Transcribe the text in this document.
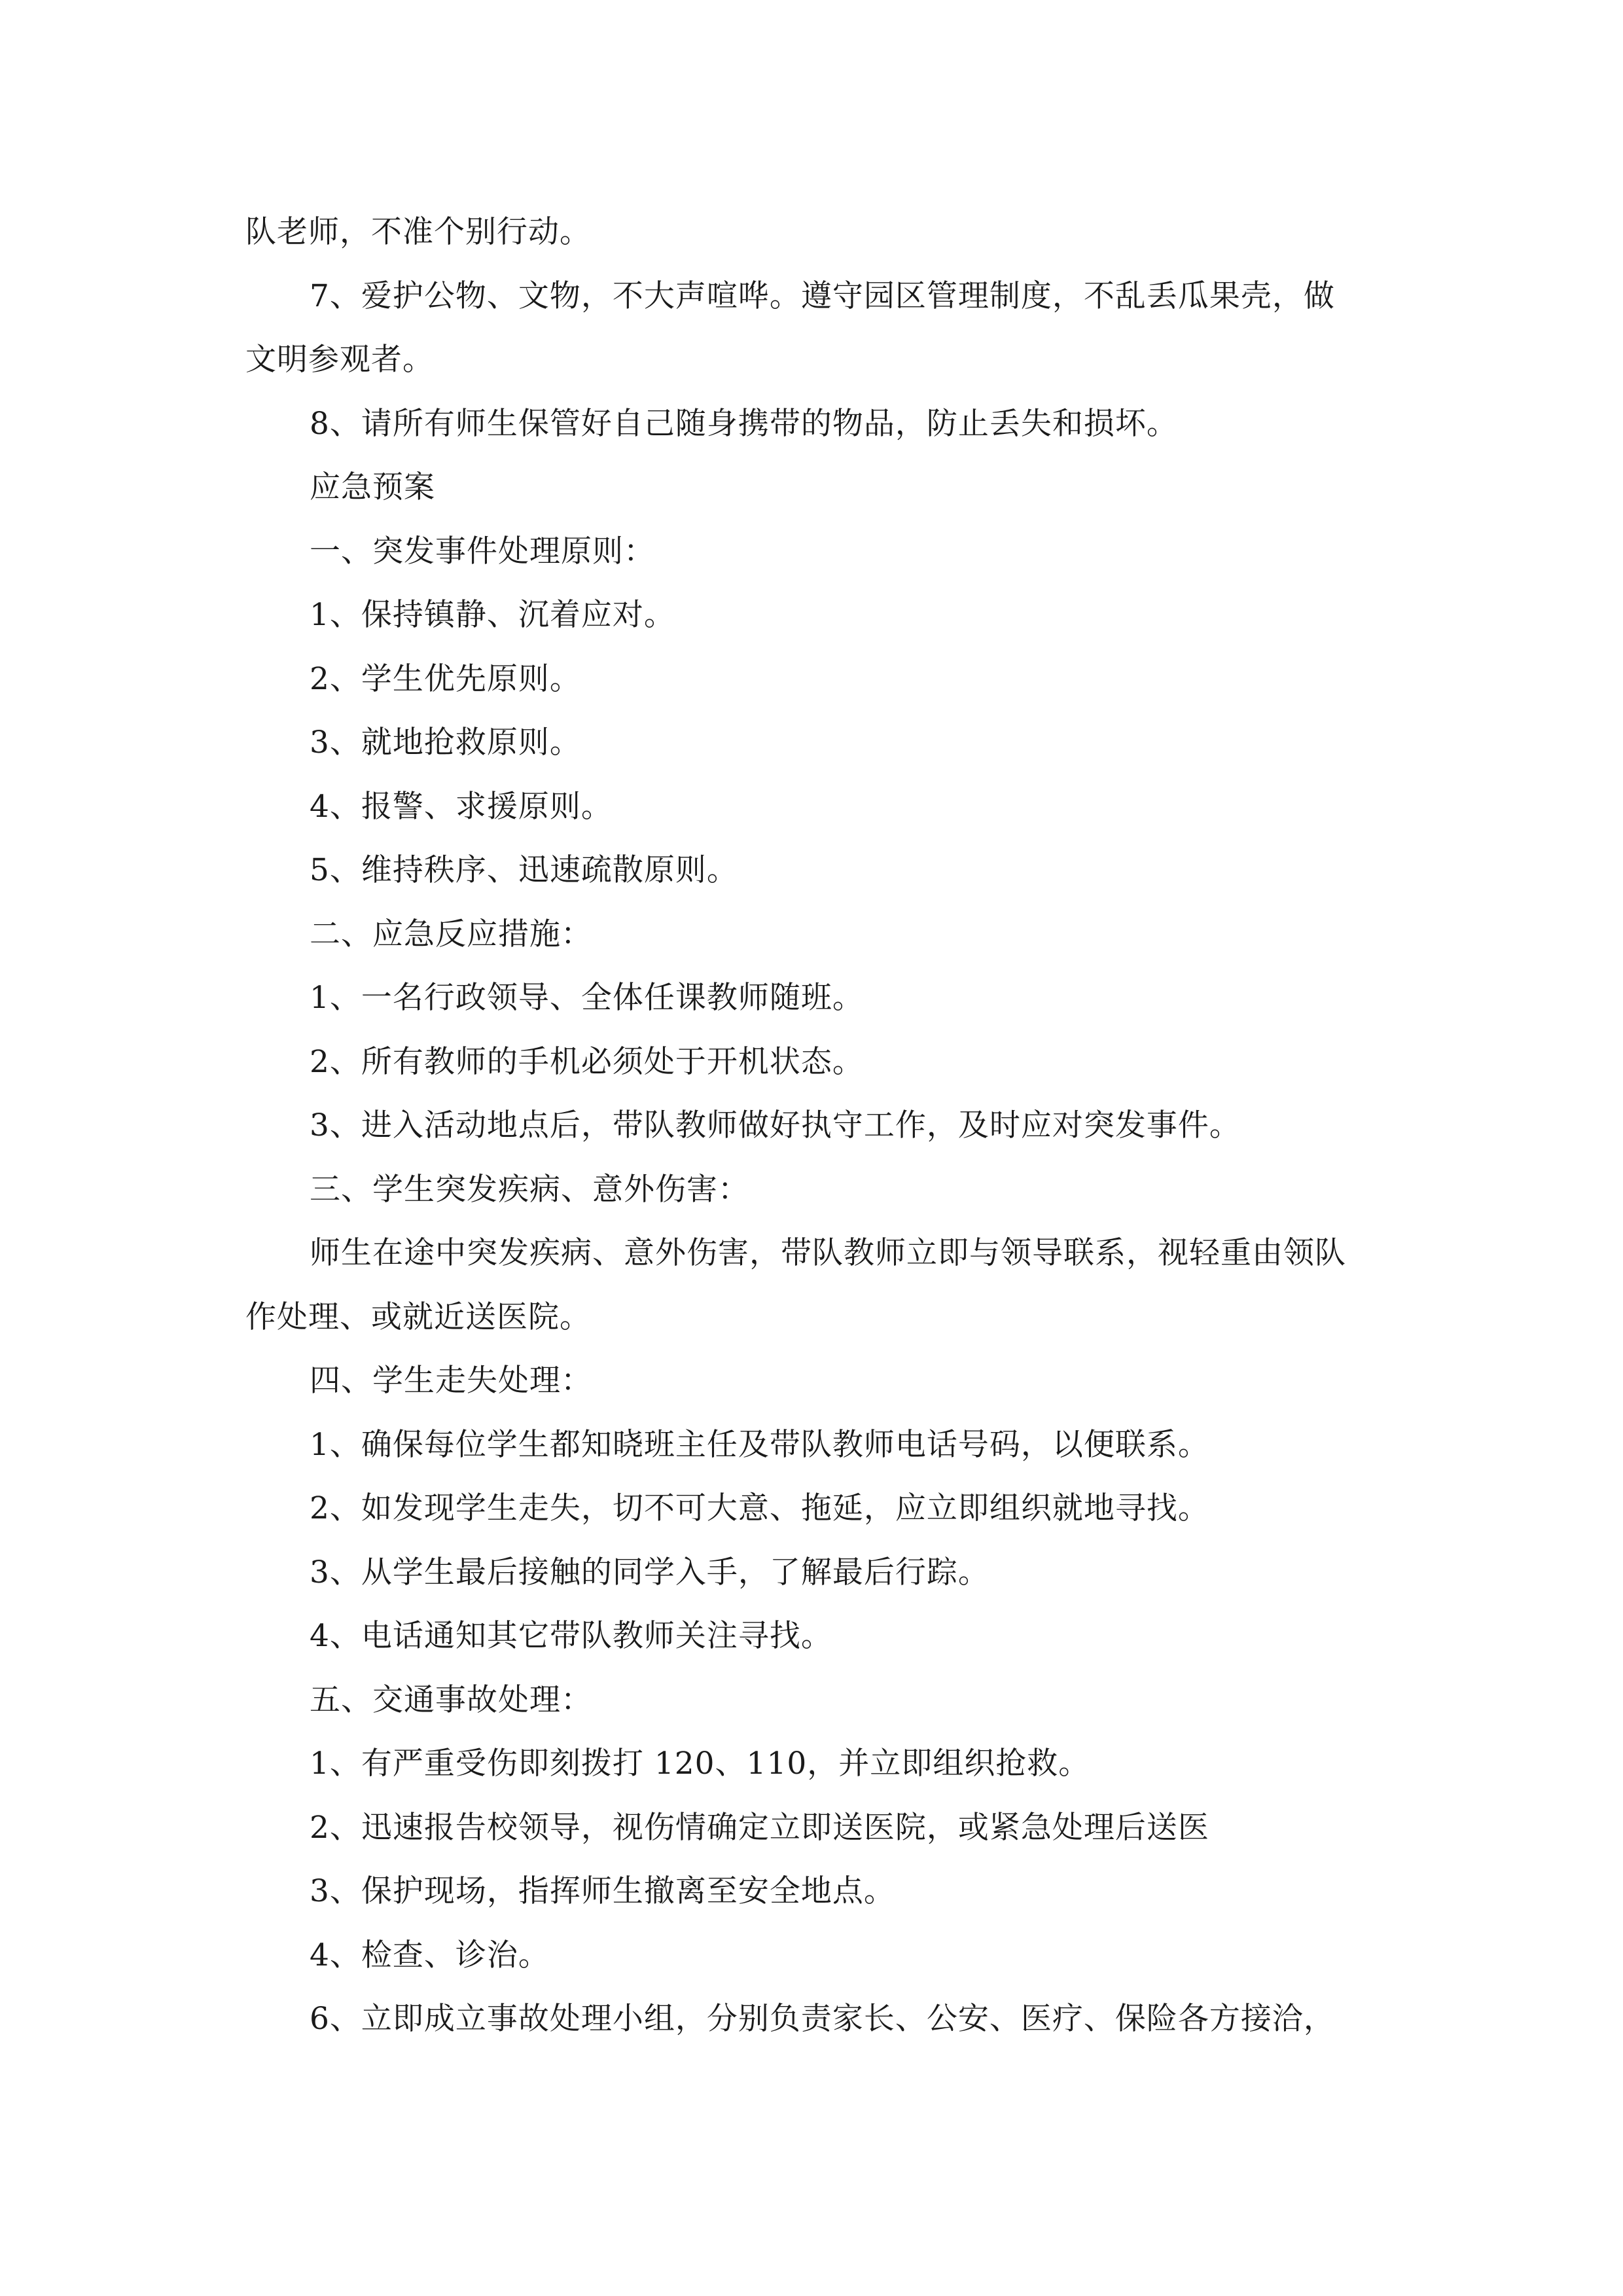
队老师，不准个别行动。

7、爱护公物、文物，不大声喧哗。遵守园区管理制度，不乱丢瓜果壳，做

文明参观者。

8、请所有师生保管好自己随身携带的物品，防止丢失和损坏。

应急预案

一、突发事件处理原则：

1、保持镇静、沉着应对。

2、学生优先原则。

3、就地抢救原则。

4、报警、求援原则。

5、维持秩序、迅速疏散原则。

二、应急反应措施：

1、一名行政领导、全体任课教师随班。

2、所有教师的手机必须处于开机状态。

3、进入活动地点后，带队教师做好执守工作，及时应对突发事件。

三、学生突发疾病、意外伤害：

师生在途中突发疾病、意外伤害，带队教师立即与领导联系，视轻重由领队

作处理、或就近送医院。

四、学生走失处理：

1、确保每位学生都知晓班主任及带队教师电话号码，以便联系。

2、如发现学生走失，切不可大意、拖延，应立即组织就地寻找。

3、从学生最后接触的同学入手，了解最后行踪。

4、电话通知其它带队教师关注寻找。

五、交通事故处理：

1、有严重受伤即刻拨打 120、110，并立即组织抢救。

2、迅速报告校领导，视伤情确定立即送医院，或紧急处理后送医

3、保护现场，指挥师生撤离至安全地点。

4、检查、诊治。

6、立即成立事故处理小组，分别负责家长、公安、医疗、保险各方接洽，
